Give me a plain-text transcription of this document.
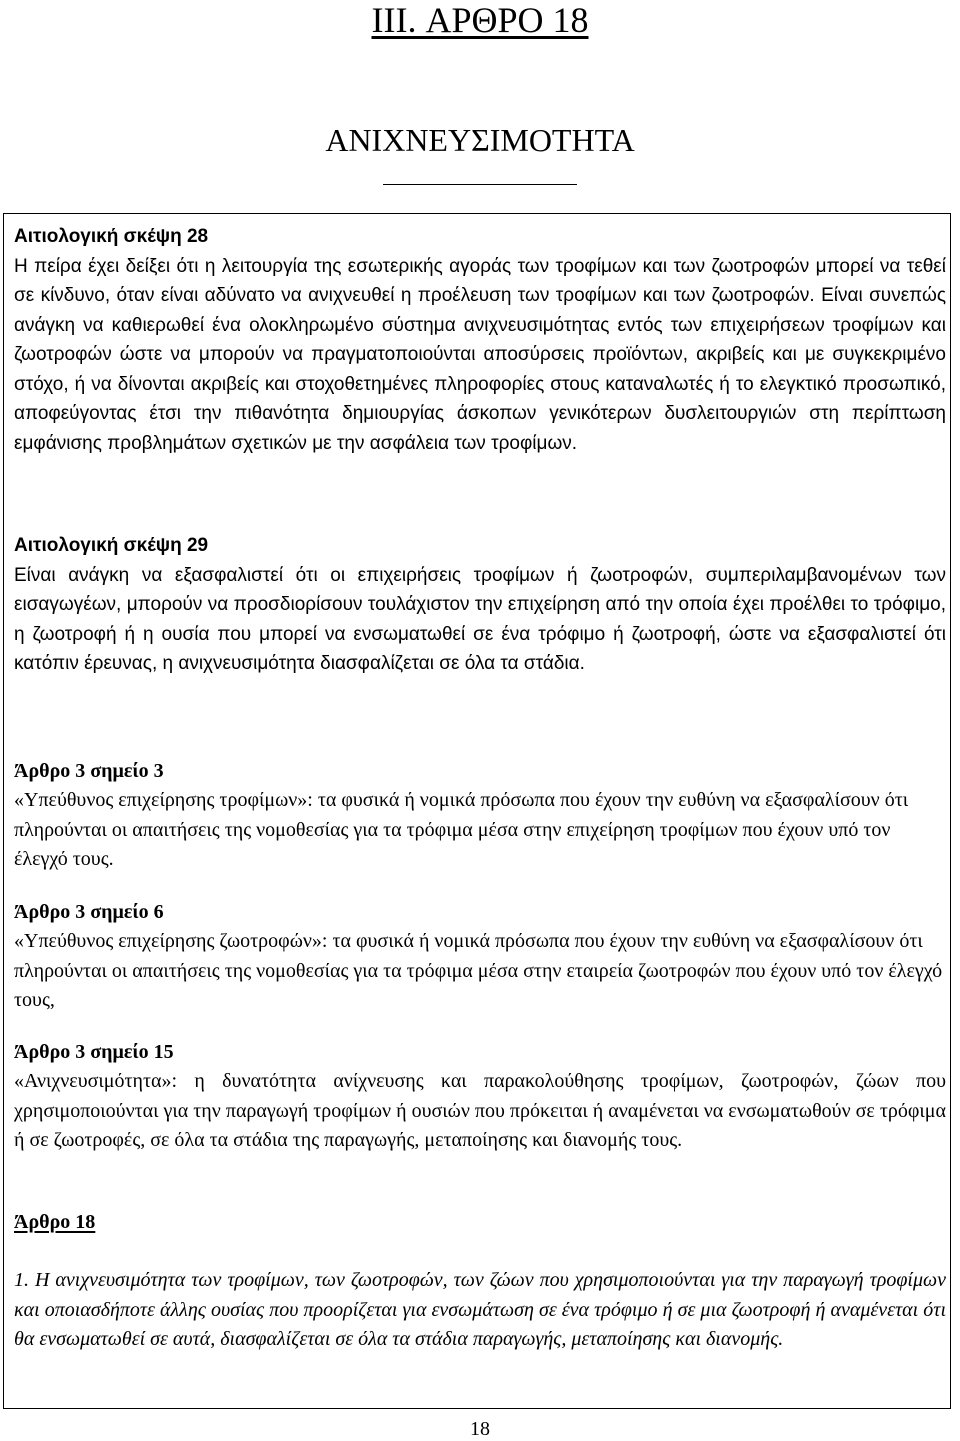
III. ΑΡΘΡΟ 18
ΑΝΙΧΝΕΥΣΙΜΟΤΗΤΑ

Αιτιολογική σκέψη 28

Η πείρα έχει δείξει ότι η λειτουργία της εσωτερικής αγοράς των τροφίμων και των ζωοτροφών μπορεί να τεθεί σε κίνδυνο, όταν είναι αδύνατο να ανιχνευθεί η προέλευση των τροφίμων και των ζωοτροφών. Είναι συνεπώς ανάγκη να καθιερωθεί ένα ολοκληρωμένο σύστημα ανιχνευσιμότητας εντός των επιχειρήσεων τροφίμων και ζωοτροφών ώστε να μπορούν να πραγματοποιούνται αποσύρσεις προϊόντων, ακριβείς και με συγκεκριμένο στόχο, ή να δίνονται ακριβείς και στοχοθετημένες πληροφορίες στους καταναλωτές ή το ελεγκτικό προσωπικό, αποφεύγοντας έτσι την πιθανότητα δημιουργίας άσκοπων γενικότερων δυσλειτουργιών στη περίπτωση εμφάνισης προβλημάτων σχετικών με την ασφάλεια των τροφίμων.

Αιτιολογική σκέψη 29

Είναι ανάγκη να εξασφαλιστεί ότι οι επιχειρήσεις τροφίμων ή ζωοτροφών, συμπεριλαμβανομένων των εισαγωγέων, μπορούν να προσδιορίσουν τουλάχιστον την επιχείρηση από την οποία έχει προέλθει το τρόφιμο, η ζωοτροφή ή η ουσία που μπορεί να ενσωματωθεί σε ένα τρόφιμο ή ζωοτροφή, ώστε να εξασφαλιστεί ότι κατόπιν έρευνας, η ανιχνευσιμότητα διασφαλίζεται σε όλα τα στάδια.

Άρθρο 3 σημείο 3

«Υπεύθυνος επιχείρησης τροφίμων»: τα φυσικά ή νομικά πρόσωπα που έχουν την ευθύνη να εξασφαλίσουν ότι πληρούνται οι απαιτήσεις της νομοθεσίας για τα τρόφιμα μέσα στην επιχείρηση τροφίμων που έχουν υπό τον έλεγχό τους.

Άρθρο 3 σημείο 6

«Υπεύθυνος επιχείρησης ζωοτροφών»: τα φυσικά ή νομικά πρόσωπα που έχουν την ευθύνη να εξασφαλίσουν ότι πληρούνται οι απαιτήσεις της νομοθεσίας για τα τρόφιμα μέσα στην εταιρεία ζωοτροφών που έχουν υπό τον έλεγχό τους,

Άρθρο 3 σημείο 15

«Ανιχνευσιμότητα»: η δυνατότητα ανίχνευσης και παρακολούθησης τροφίμων, ζωοτροφών, ζώων που χρησιμοποιούνται για την παραγωγή τροφίμων ή ουσιών που πρόκειται ή αναμένεται να ενσωματωθούν σε τρόφιμα ή σε ζωοτροφές, σε όλα τα στάδια της παραγωγής, μεταποίησης και διανομής τους.

Άρθρο 18

1. Η ανιχνευσιμότητα των τροφίμων, των ζωοτροφών, των ζώων που χρησιμοποιούνται για την παραγωγή τροφίμων και οποιασδήποτε άλλης ουσίας που προορίζεται για ενσωμάτωση σε ένα τρόφιμο ή σε μια ζωοτροφή ή αναμένεται ότι θα ενσωματωθεί σε αυτά, διασφαλίζεται σε όλα τα στάδια παραγωγής, μεταποίησης και διανομής.

18
